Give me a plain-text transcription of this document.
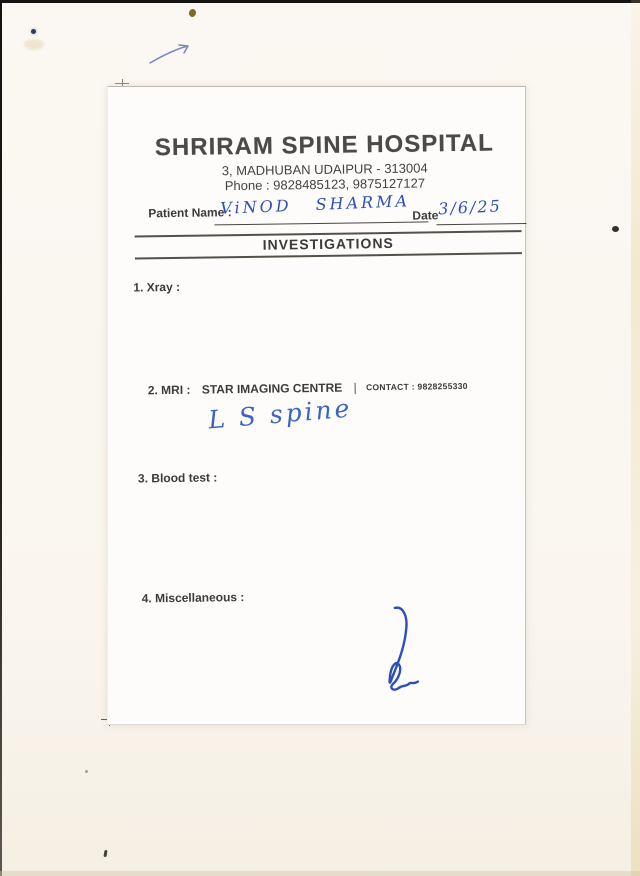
SHRIRAM SPINE HOSPITAL
3, MADHUBAN UDAIPUR - 313004
Phone : 9828485123, 9875127127
Patient Name :
ViNOD SHARMA Date 3/6/25
INVESTIGATIONS
1. Xray :
2. MRI : STAR IMAGING CENTRE | CONTACT : 9828255330
L S spine
3. Blood test :
4. Miscellaneous :
